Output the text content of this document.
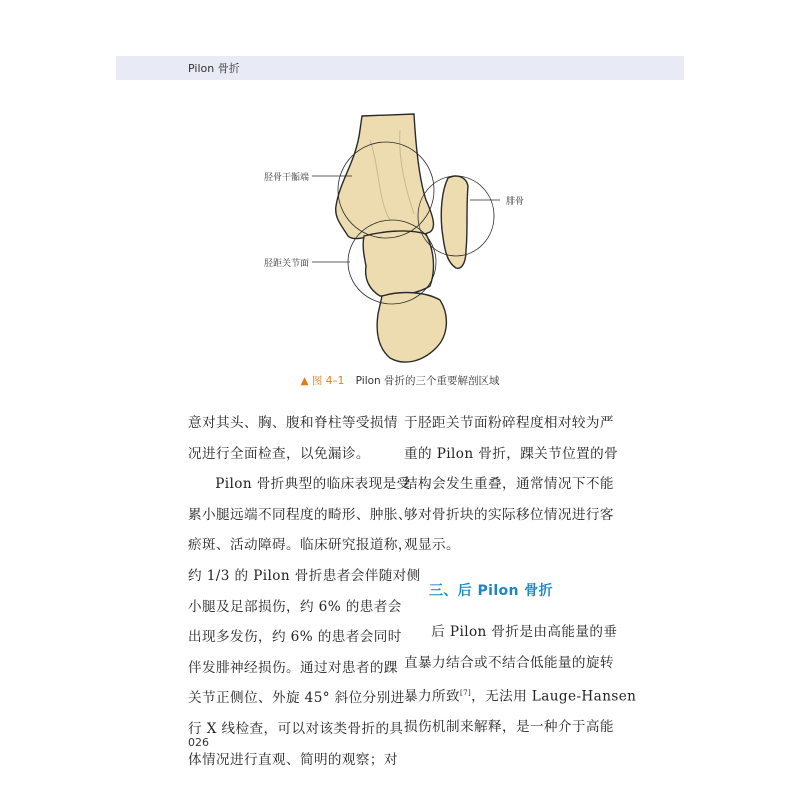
Pilon 骨折
胫骨干骺端
腓骨
胫距关节面
▲ 图 4–1 Pilon 骨折的三个重要解剖区域

意对其头、胸、腹和脊柱等受损情
况进行全面检查，以免漏诊。

Pilon 骨折典型的临床表现是受
累小腿远端不同程度的畸形、肿胀、
瘀斑、活动障碍。临床研究报道称，
约 1/3 的 Pilon 骨折患者会伴随对侧
小腿及足部损伤，约 6% 的患者会
出现多发伤，约 6% 的患者会同时
伴发腓神经损伤。通过对患者的踝
关节正侧位、外旋 45° 斜位分别进
行 X 线检查，可以对该类骨折的具
体情况进行直观、简明的观察；对

于胫距关节面粉碎程度相对较为严
重的 Pilon 骨折，踝关节位置的骨
结构会发生重叠，通常情况下不能
够对骨折块的实际移位情况进行客
观显示。

三、后 Pilon 骨折

后 Pilon 骨折是由高能量的垂
直暴力结合或不结合低能量的旋转
暴力所致[7]，无法用 Lauge-Hansen
损伤机制来解释，是一种介于高能

026
